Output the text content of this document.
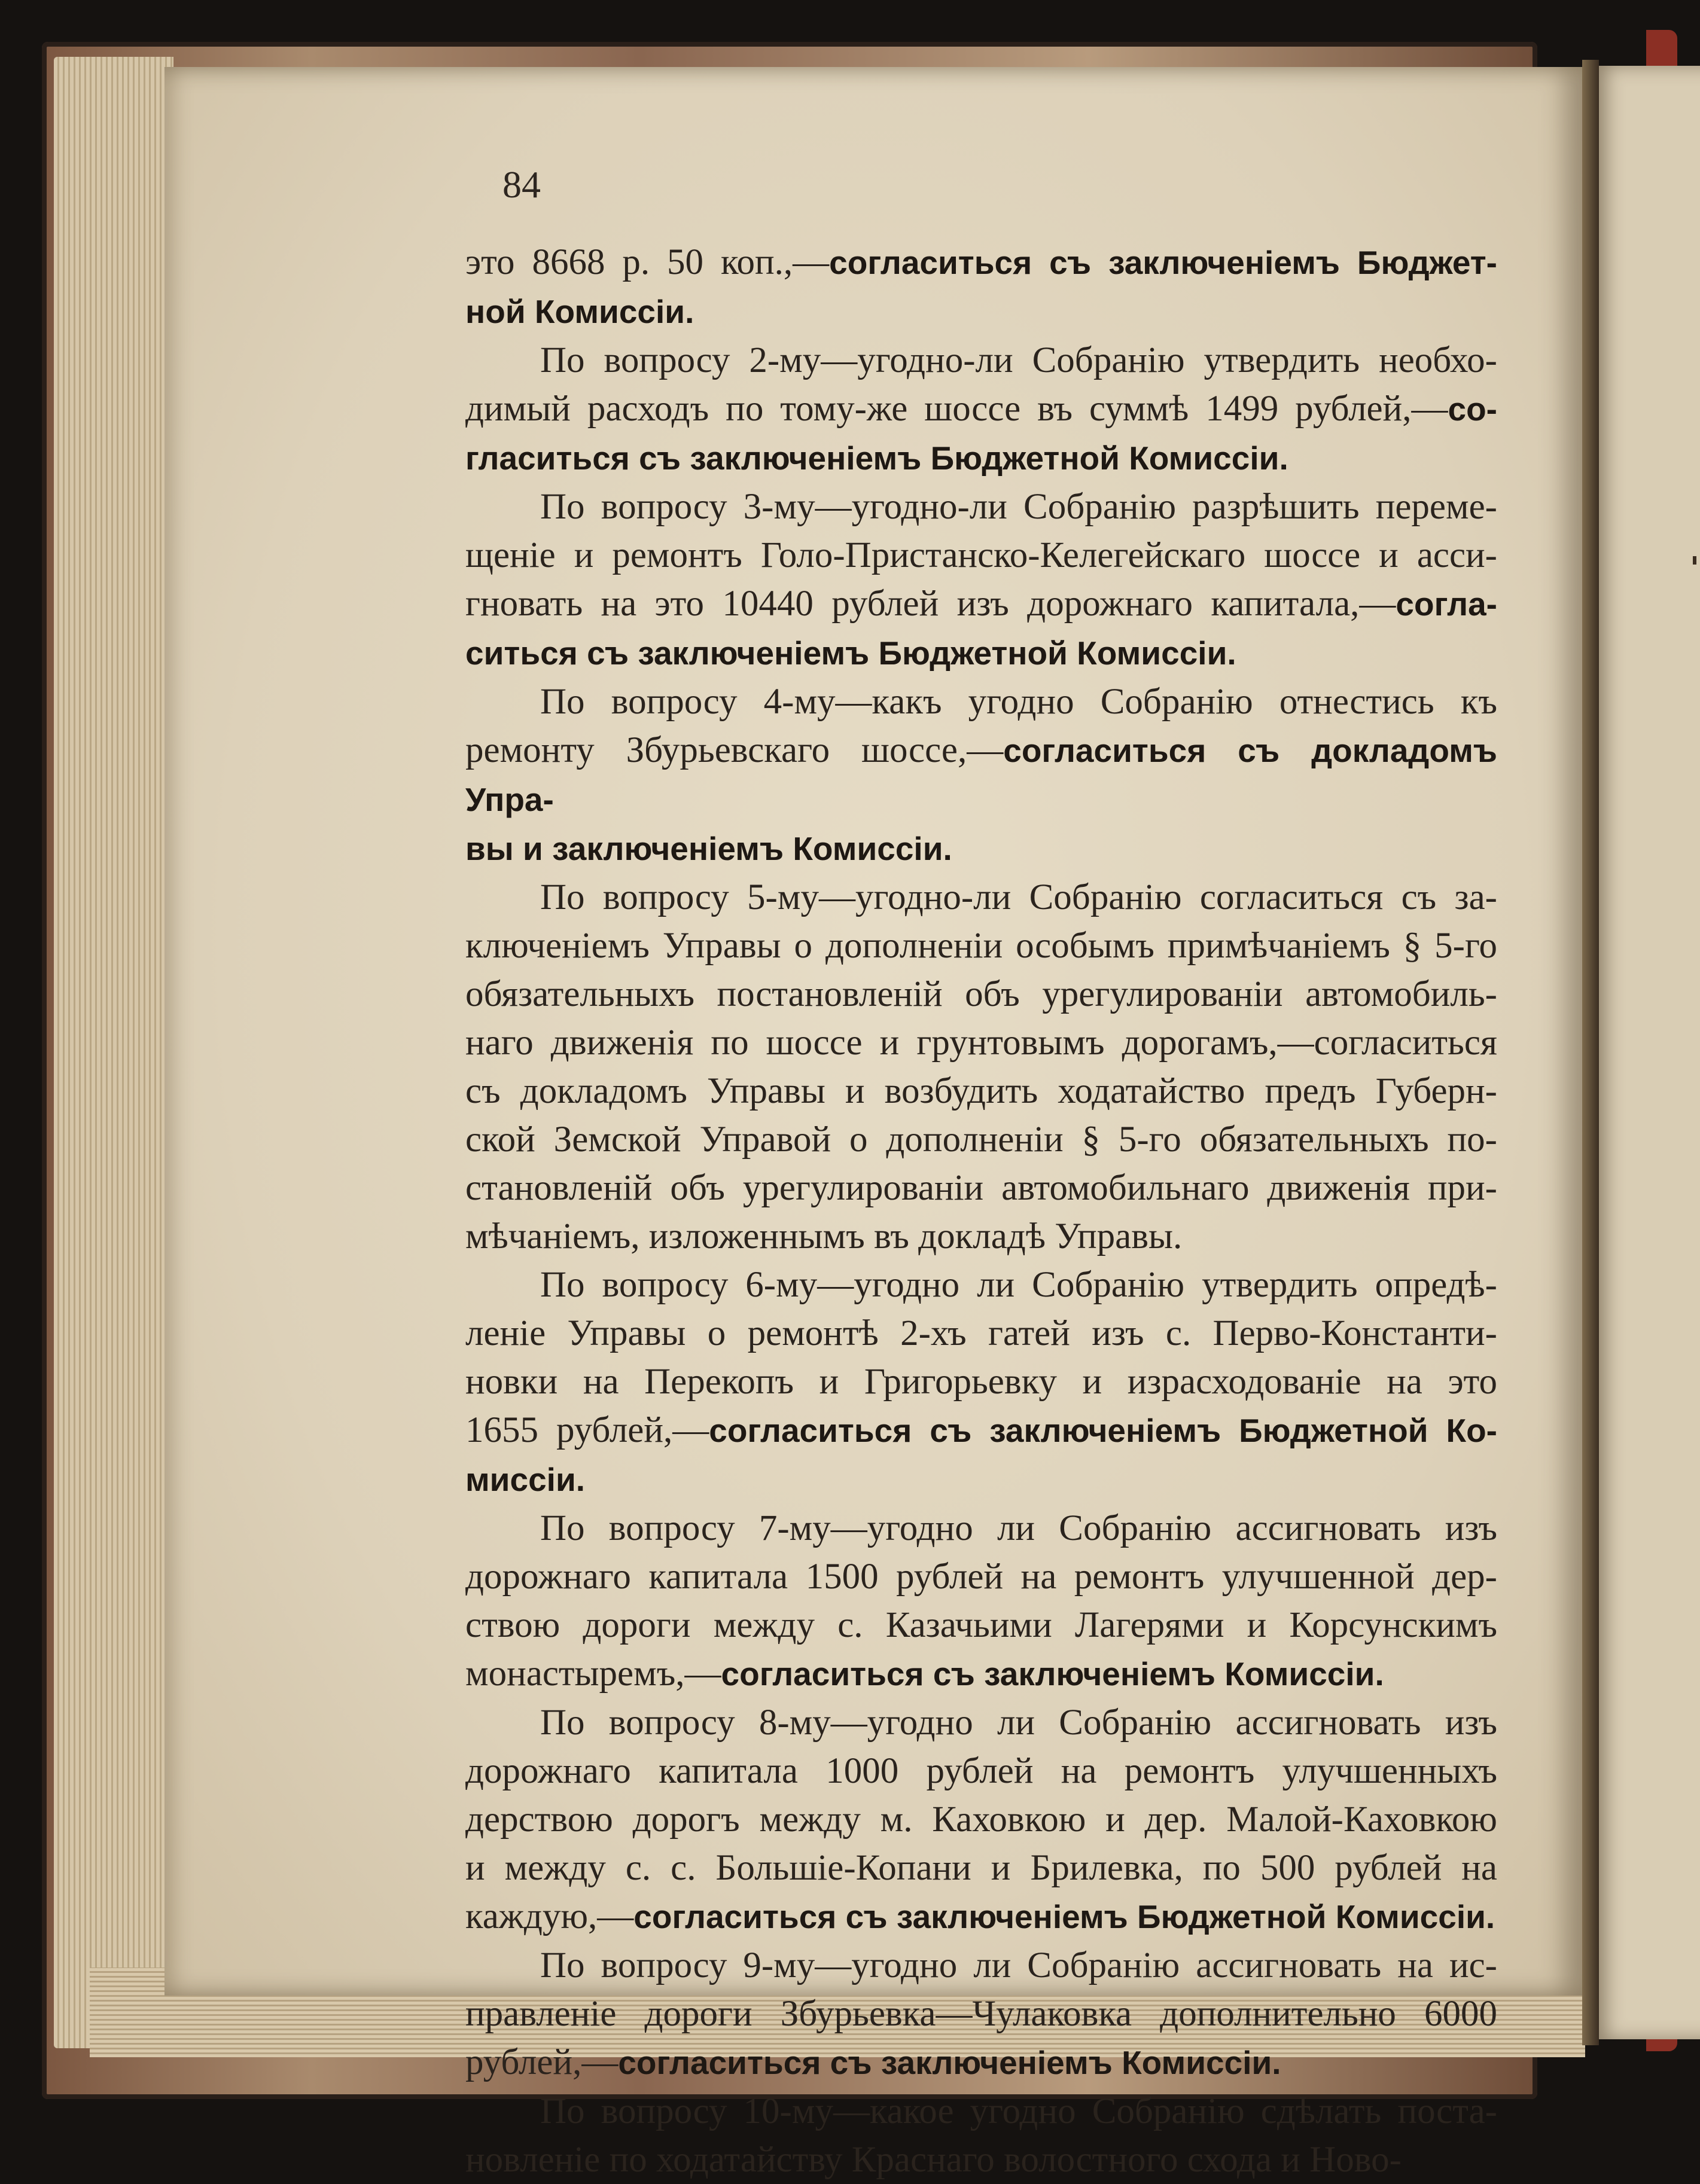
84

это 8668 р. 50 коп.,—согласиться съ заключеніемъ Бюджет-
ной Комиссіи.

По вопросу 2-му—угодно-ли Собранію утвердить необхо-
димый расходъ по тому-же шоссе въ суммѣ 1499 рублей,—со-
гласиться съ заключеніемъ Бюджетной Комиссіи.

По вопросу 3-му—угодно-ли Собранію разрѣшить переме-
щеніе и ремонтъ Голо-Пристанско-Келегейскаго шоссе и асси-
гновать на это 10440 рублей изъ дорожнаго капитала,—согла-
ситься съ заключеніемъ Бюджетной Комиссіи.

По вопросу 4-му—какъ угодно Собранію отнестись къ
ремонту Збурьевскаго шоссе,—согласиться съ докладомъ Упра-
вы и заключеніемъ Комиссіи.

По вопросу 5-му—угодно-ли Собранію согласиться съ за-
ключеніемъ Управы о дополненіи особымъ примѣчаніемъ § 5-го
обязательныхъ постановленій объ урегулированіи автомобиль-
наго движенія по шоссе и грунтовымъ дорогамъ,—согласиться
съ докладомъ Управы и возбудить ходатайство предъ Губерн-
ской Земской Управой о дополненіи § 5-го обязательныхъ по-
становленій объ урегулированіи автомобильнаго движенія при-
мѣчаніемъ, изложеннымъ въ докладѣ Управы.

По вопросу 6-му—угодно ли Собранію утвердить опредѣ-
леніе Управы о ремонтѣ 2-хъ гатей изъ с. Перво-Константи-
новки на Перекопъ и Григорьевку и израсходованіе на это
1655 рублей,—согласиться съ заключеніемъ Бюджетной Ко-
миссіи.

По вопросу 7-му—угодно ли Собранію ассигновать изъ
дорожнаго капитала 1500 рублей на ремонтъ улучшенной дер-
ствою дороги между с. Казачьими Лагерями и Корсунскимъ
монастыремъ,—согласиться съ заключеніемъ Комиссіи.

По вопросу 8-му—угодно ли Собранію ассигновать изъ
дорожнаго капитала 1000 рублей на ремонтъ улучшенныхъ
дерствою дорогъ между м. Каховкою и дер. Малой-Каховкою
и между с. с. Большіе-Копани и Брилевка, по 500 рублей на
каждую,—согласиться съ заключеніемъ Бюджетной Комиссіи.

По вопросу 9-му—угодно ли Собранію ассигновать на ис-
правленіе дороги Збурьевка—Чулаковка дополнительно 6000
рублей,—согласиться съ заключеніемъ Комиссіи.

По вопросу 10-му—какое угодно Собранію сдѣлать поста-
новленіе по ходатайству Краснаго волостного схода и Ново-
